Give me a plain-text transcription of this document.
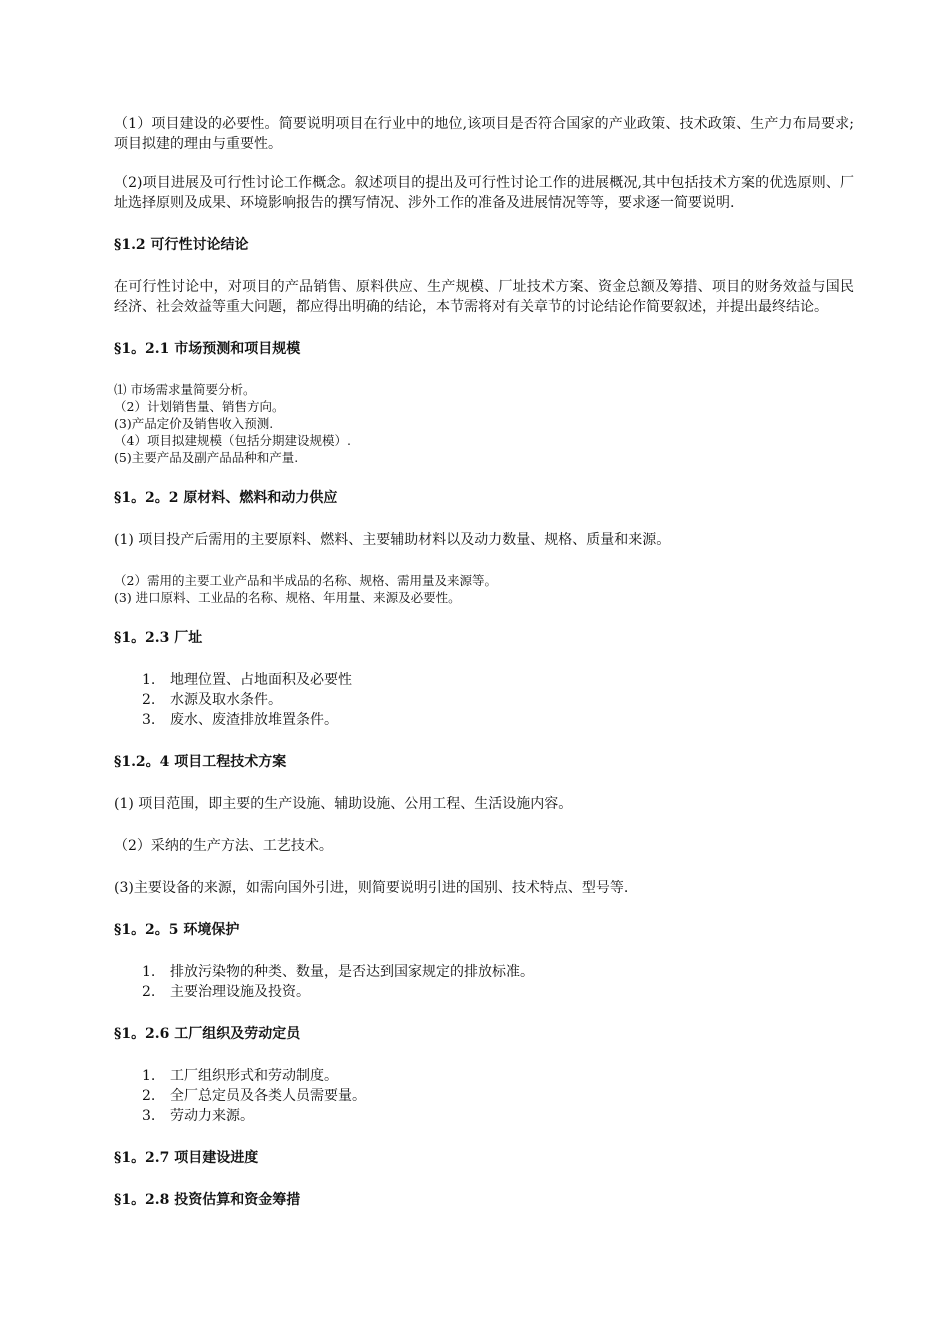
（1）项目建设的必要性。简要说明项目在行业中的地位,该项目是否符合国家的产业政策、技术政策、生产力布局要求;项目拟建的理由与重要性。

（2)项目进展及可行性讨论工作概念。叙述项目的提出及可行性讨论工作的进展概况,其中包括技术方案的优选原则、厂址选择原则及成果、环境影响报告的撰写情况、涉外工作的准备及进展情况等等，要求逐一简要说明.

§1.2 可行性讨论结论

在可行性讨论中，对项目的产品销售、原料供应、生产规模、厂址技术方案、资金总额及筹措、项目的财务效益与国民经济、社会效益等重大问题，都应得出明确的结论，本节需将对有关章节的讨论结论作简要叙述，并提出最终结论。

§1。2.1 市场预测和项目规模

⑴ 市场需求量简要分析。
（2）计划销售量、销售方向。
(3)产品定价及销售收入预测.
（4）项目拟建规模（包括分期建设规模）.
(5)主要产品及副产品品种和产量.

§1。2。2 原材料、燃料和动力供应

(1) 项目投产后需用的主要原料、燃料、主要辅助材料以及动力数量、规格、质量和来源。

（2）需用的主要工业产品和半成品的名称、规格、需用量及来源等。
(3) 进口原料、工业品的名称、规格、年用量、来源及必要性。

§1。2.3 厂址

1.	地理位置、占地面积及必要性
2.	水源及取水条件。
3.	废水、废渣排放堆置条件。

§1.2。4 项目工程技术方案

(1) 项目范围，即主要的生产设施、辅助设施、公用工程、生活设施内容。

（2）采纳的生产方法、工艺技术。

(3)主要设备的来源，如需向国外引进，则简要说明引进的国别、技术特点、型号等.

§1。2。5 环境保护

1.	排放污染物的种类、数量，是否达到国家规定的排放标准。
2.	主要治理设施及投资。

§1。2.6 工厂组织及劳动定员

1.	工厂组织形式和劳动制度。
2.	全厂总定员及各类人员需要量。
3.	劳动力来源。

§1。2.7 项目建设进度

§1。2.8 投资估算和资金筹措
